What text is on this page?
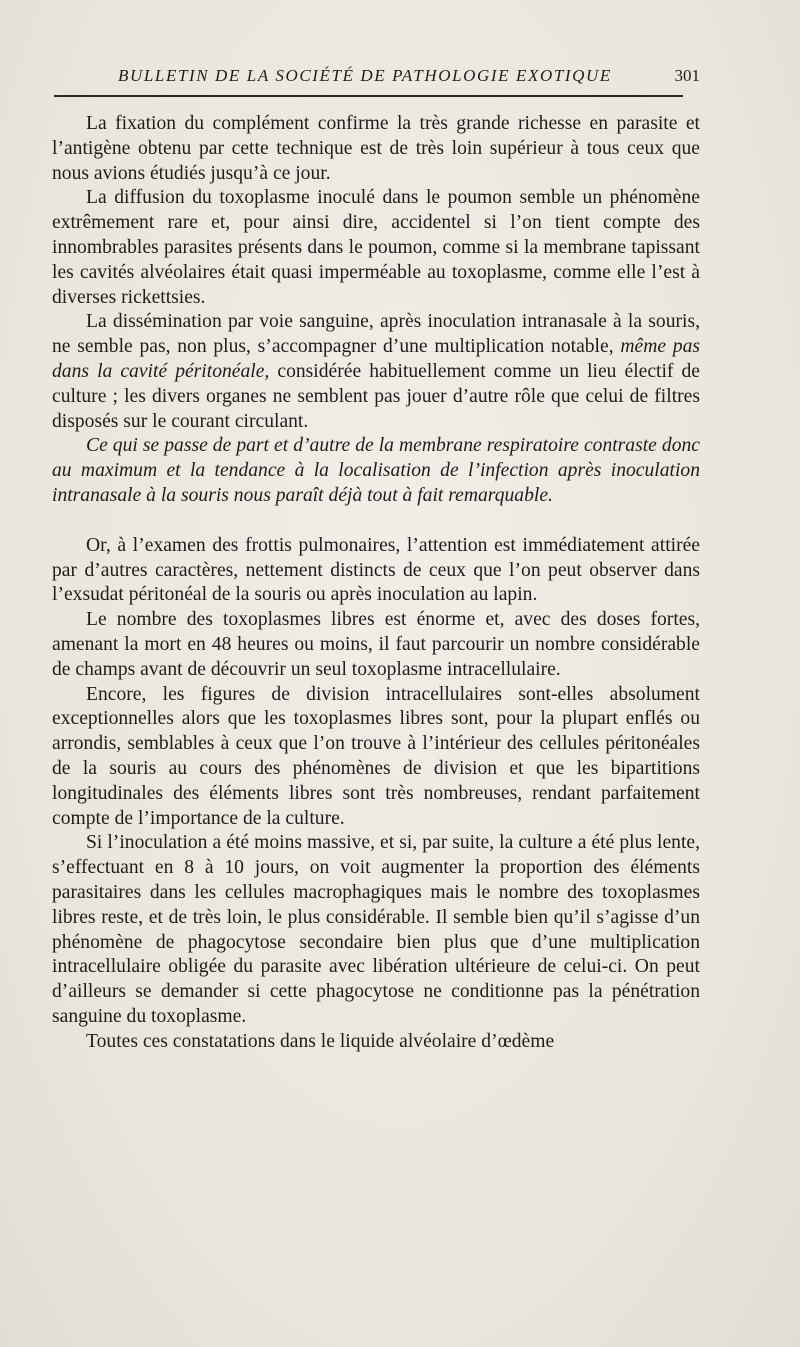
BULLETIN DE LA SOCIÉTÉ DE PATHOLOGIE EXOTIQUE	301

La fixation du complément confirme la très grande richesse en parasite et l’antigène obtenu par cette technique est de très loin supérieur à tous ceux que nous avions étudiés jusqu’à ce jour.

La diffusion du toxoplasme inoculé dans le poumon semble un phénomène extrêmement rare et, pour ainsi dire, accidentel si l’on tient compte des innombrables parasites présents dans le poumon, comme si la membrane tapissant les cavités alvéolaires était quasi imperméable au toxoplasme, comme elle l’est à diverses rickettsies.

La dissémination par voie sanguine, après inoculation intranasale à la souris, ne semble pas, non plus, s’accompagner d’une multiplication notable, même pas dans la cavité péritonéale, considérée habituellement comme un lieu électif de culture ; les divers organes ne semblent pas jouer d’autre rôle que celui de filtres disposés sur le courant circulant.

Ce qui se passe de part et d’autre de la membrane respiratoire contraste donc au maximum et la tendance à la localisation de l’infection après inoculation intranasale à la souris nous paraît déjà tout à fait remarquable.

Or, à l’examen des frottis pulmonaires, l’attention est immédiatement attirée par d’autres caractères, nettement distincts de ceux que l’on peut observer dans l’exsudat péritonéal de la souris ou après inoculation au lapin.

Le nombre des toxoplasmes libres est énorme et, avec des doses fortes, amenant la mort en 48 heures ou moins, il faut parcourir un nombre considérable de champs avant de découvrir un seul toxoplasme intracellulaire.

Encore, les figures de division intracellulaires sont-elles absolument exceptionnelles alors que les toxoplasmes libres sont, pour la plupart enflés ou arrondis, semblables à ceux que l’on trouve à l’intérieur des cellules péritonéales de la souris au cours des phénomènes de division et que les bipartitions longitudinales des éléments libres sont très nombreuses, rendant parfaitement compte de l’importance de la culture.

Si l’inoculation a été moins massive, et si, par suite, la culture a été plus lente, s’effectuant en 8 à 10 jours, on voit augmenter la proportion des éléments parasitaires dans les cellules macrophagiques mais le nombre des toxoplasmes libres reste, et de très loin, le plus considérable. Il semble bien qu’il s’agisse d’un phénomène de phagocytose secondaire bien plus que d’une multiplication intracellulaire obligée du parasite avec libération ultérieure de celui-ci. On peut d’ailleurs se demander si cette phagocytose ne conditionne pas la pénétration sanguine du toxoplasme.

Toutes ces constatations dans le liquide alvéolaire d’œdème
